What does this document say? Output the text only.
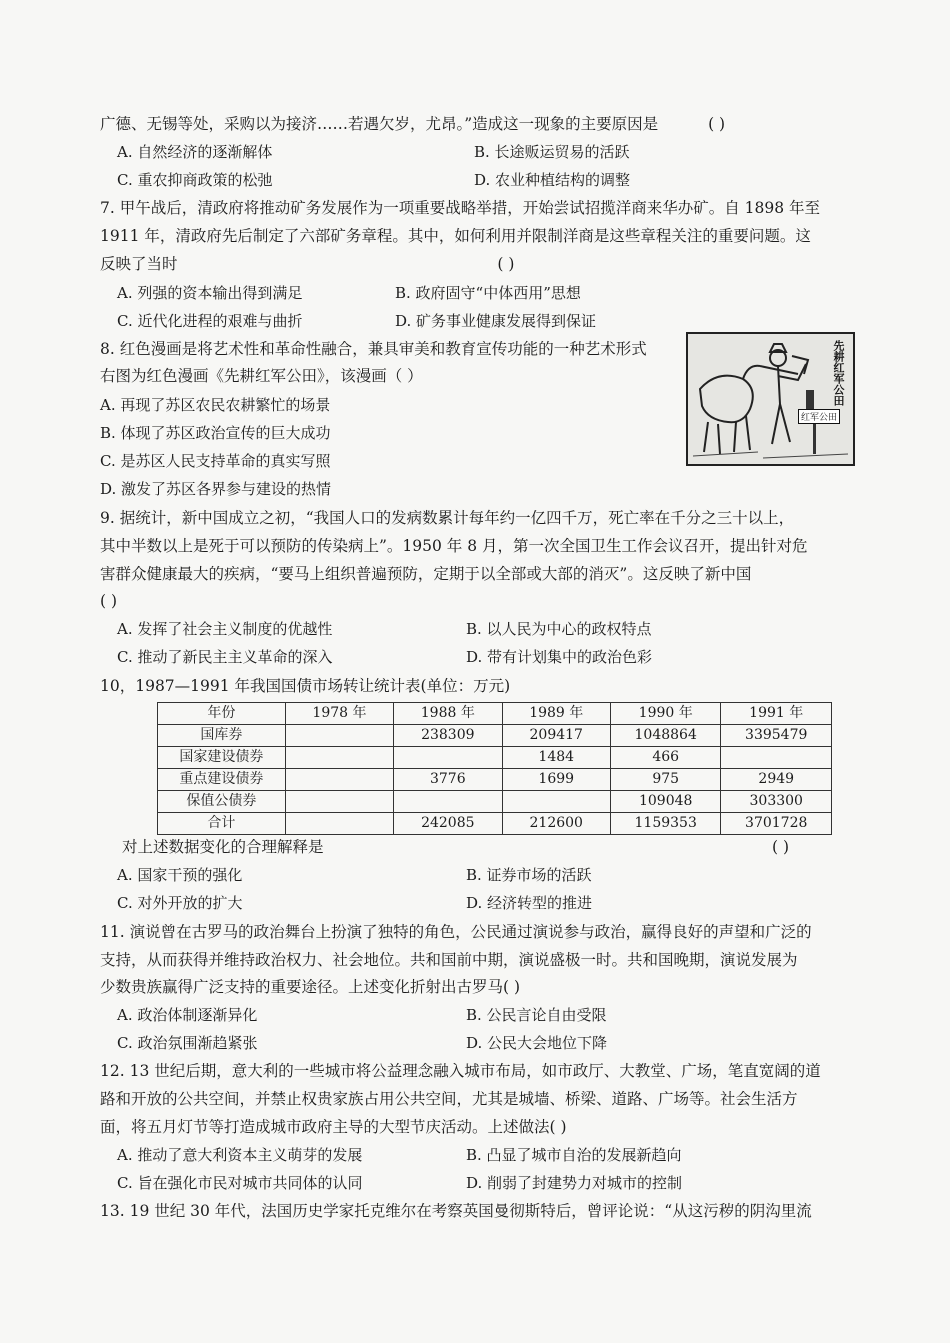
广德、无锡等处，采购以为接济……若遇欠岁，尤昂。”造成这一现象的主要原因是	( )
A. 自然经济的逐渐解体	B. 长途贩运贸易的活跃
C. 重农抑商政策的松弛	D. 农业种植结构的调整
7. 甲午战后，清政府将推动矿务发展作为一项重要战略举措，开始尝试招揽洋商来华办矿。自 1898 年至
1911 年，清政府先后制定了六部矿务章程。其中，如何利用并限制洋商是这些章程关注的重要问题。这
反映了当时	( )
A. 列强的资本输出得到满足	B. 政府固守“中体西用”思想
C. 近代化进程的艰难与曲折	D. 矿务事业健康发展得到保证
8. 红色漫画是将艺术性和革命性融合，兼具审美和教育宣传功能的一种艺术形式
右图为红色漫画《先耕红军公田》，该漫画（ ）
A. 再现了苏区农民农耕繁忙的场景
B. 体现了苏区政治宣传的巨大成功
C. 是苏区人民支持革命的真实写照
D. 激发了苏区各界参与建设的热情
先耕红军公田
红军公田
9. 据统计，新中国成立之初，“我国人口的发病数累计每年约一亿四千万，死亡率在千分之三十以上，
其中半数以上是死于可以预防的传染病上”。1950 年 8 月，第一次全国卫生工作会议召开，提出针对危
害群众健康最大的疾病，“要马上组织普遍预防，定期于以全部或大部的消灭”。这反映了新中国
( )
A. 发挥了社会主义制度的优越性	B. 以人民为中心的政权特点
C. 推动了新民主主义革命的深入	D. 带有计划集中的政治色彩
10，1987—1991 年我国国债市场转让统计表(单位：万元)
年份	1978 年	1988 年	1989 年	1990 年	1991 年
国库券		238309	209417	1048864	3395479
国家建设债券			1484	466	
重点建设债券		3776	1699	975	2949
保值公债券				109048	303300
合计		242085	212600	1159353	3701728
对上述数据变化的合理解释是	( )
A. 国家干预的强化	B. 证券市场的活跃
C. 对外开放的扩大	D. 经济转型的推进
11. 演说曾在古罗马的政治舞台上扮演了独特的角色，公民通过演说参与政治，赢得良好的声望和广泛的
支持，从而获得并维持政治权力、社会地位。共和国前中期，演说盛极一时。共和国晚期，演说发展为
少数贵族赢得广泛支持的重要途径。上述变化折射出古罗马( )
A. 政治体制逐渐异化	B. 公民言论自由受限
C. 政治氛围渐趋紧张	D. 公民大会地位下降
12. 13 世纪后期，意大利的一些城市将公益理念融入城市布局，如市政厅、大教堂、广场，笔直宽阔的道
路和开放的公共空间，并禁止权贵家族占用公共空间，尤其是城墙、桥梁、道路、广场等。社会生活方
面，将五月灯节等打造成城市政府主导的大型节庆活动。上述做法( )
A. 推动了意大利资本主义萌芽的发展	B. 凸显了城市自治的发展新趋向
C. 旨在强化市民对城市共同体的认同	D. 削弱了封建势力对城市的控制
13. 19 世纪 30 年代，法国历史学家托克维尔在考察英国曼彻斯特后，曾评论说：“从这污秽的阴沟里流
